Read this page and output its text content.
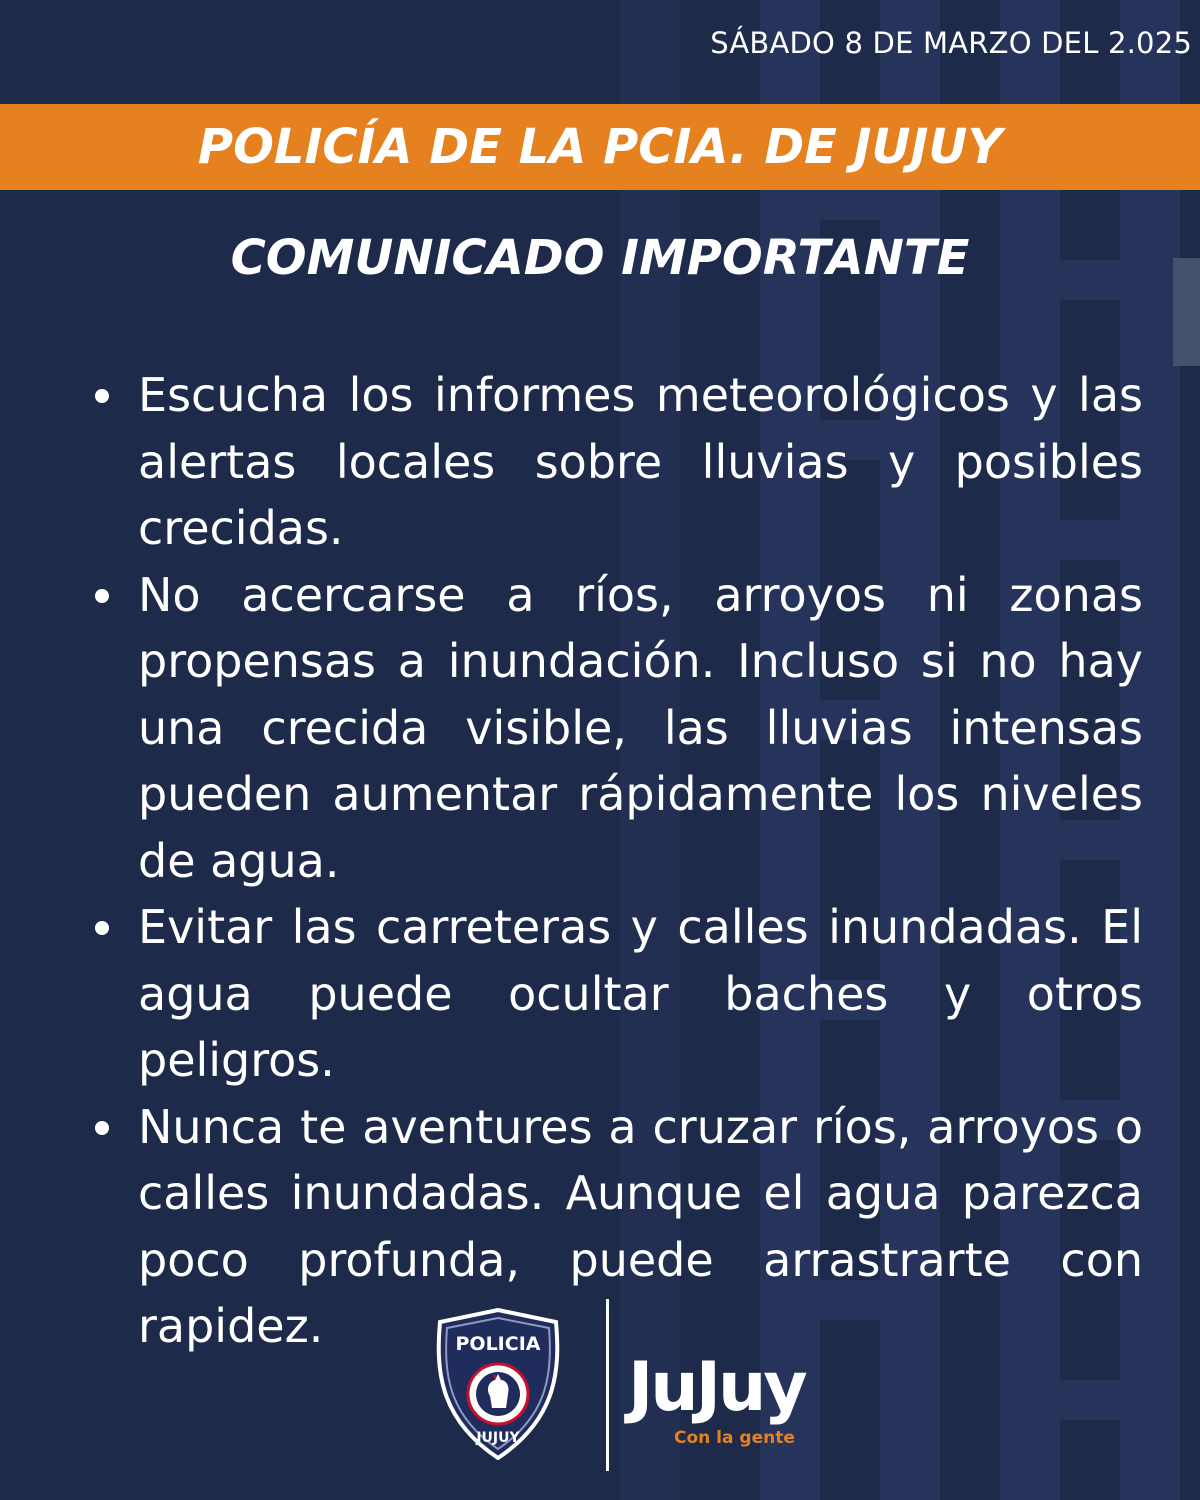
SÁBADO 8 DE MARZO DEL 2.025
POLICÍA DE LA PCIA. DE JUJUY
COMUNICADO IMPORTANTE
Escucha los informes meteorológicos y las alertas locales sobre lluvias y posibles crecidas.
No acercarse a ríos, arroyos ni zonas propensas a inundación. Incluso si no hay una crecida visible, las lluvias intensas pueden aumentar rápidamente los niveles de agua.
Evitar las carreteras y calles inundadas. El agua puede ocultar baches y otros peligros.
Nunca te aventures a cruzar ríos, arroyos o calles inundadas. Aunque el agua parezca poco profunda, puede arrastrarte con rapidez.	POLICIA
JUJUY
JuJuy
Con la gente
